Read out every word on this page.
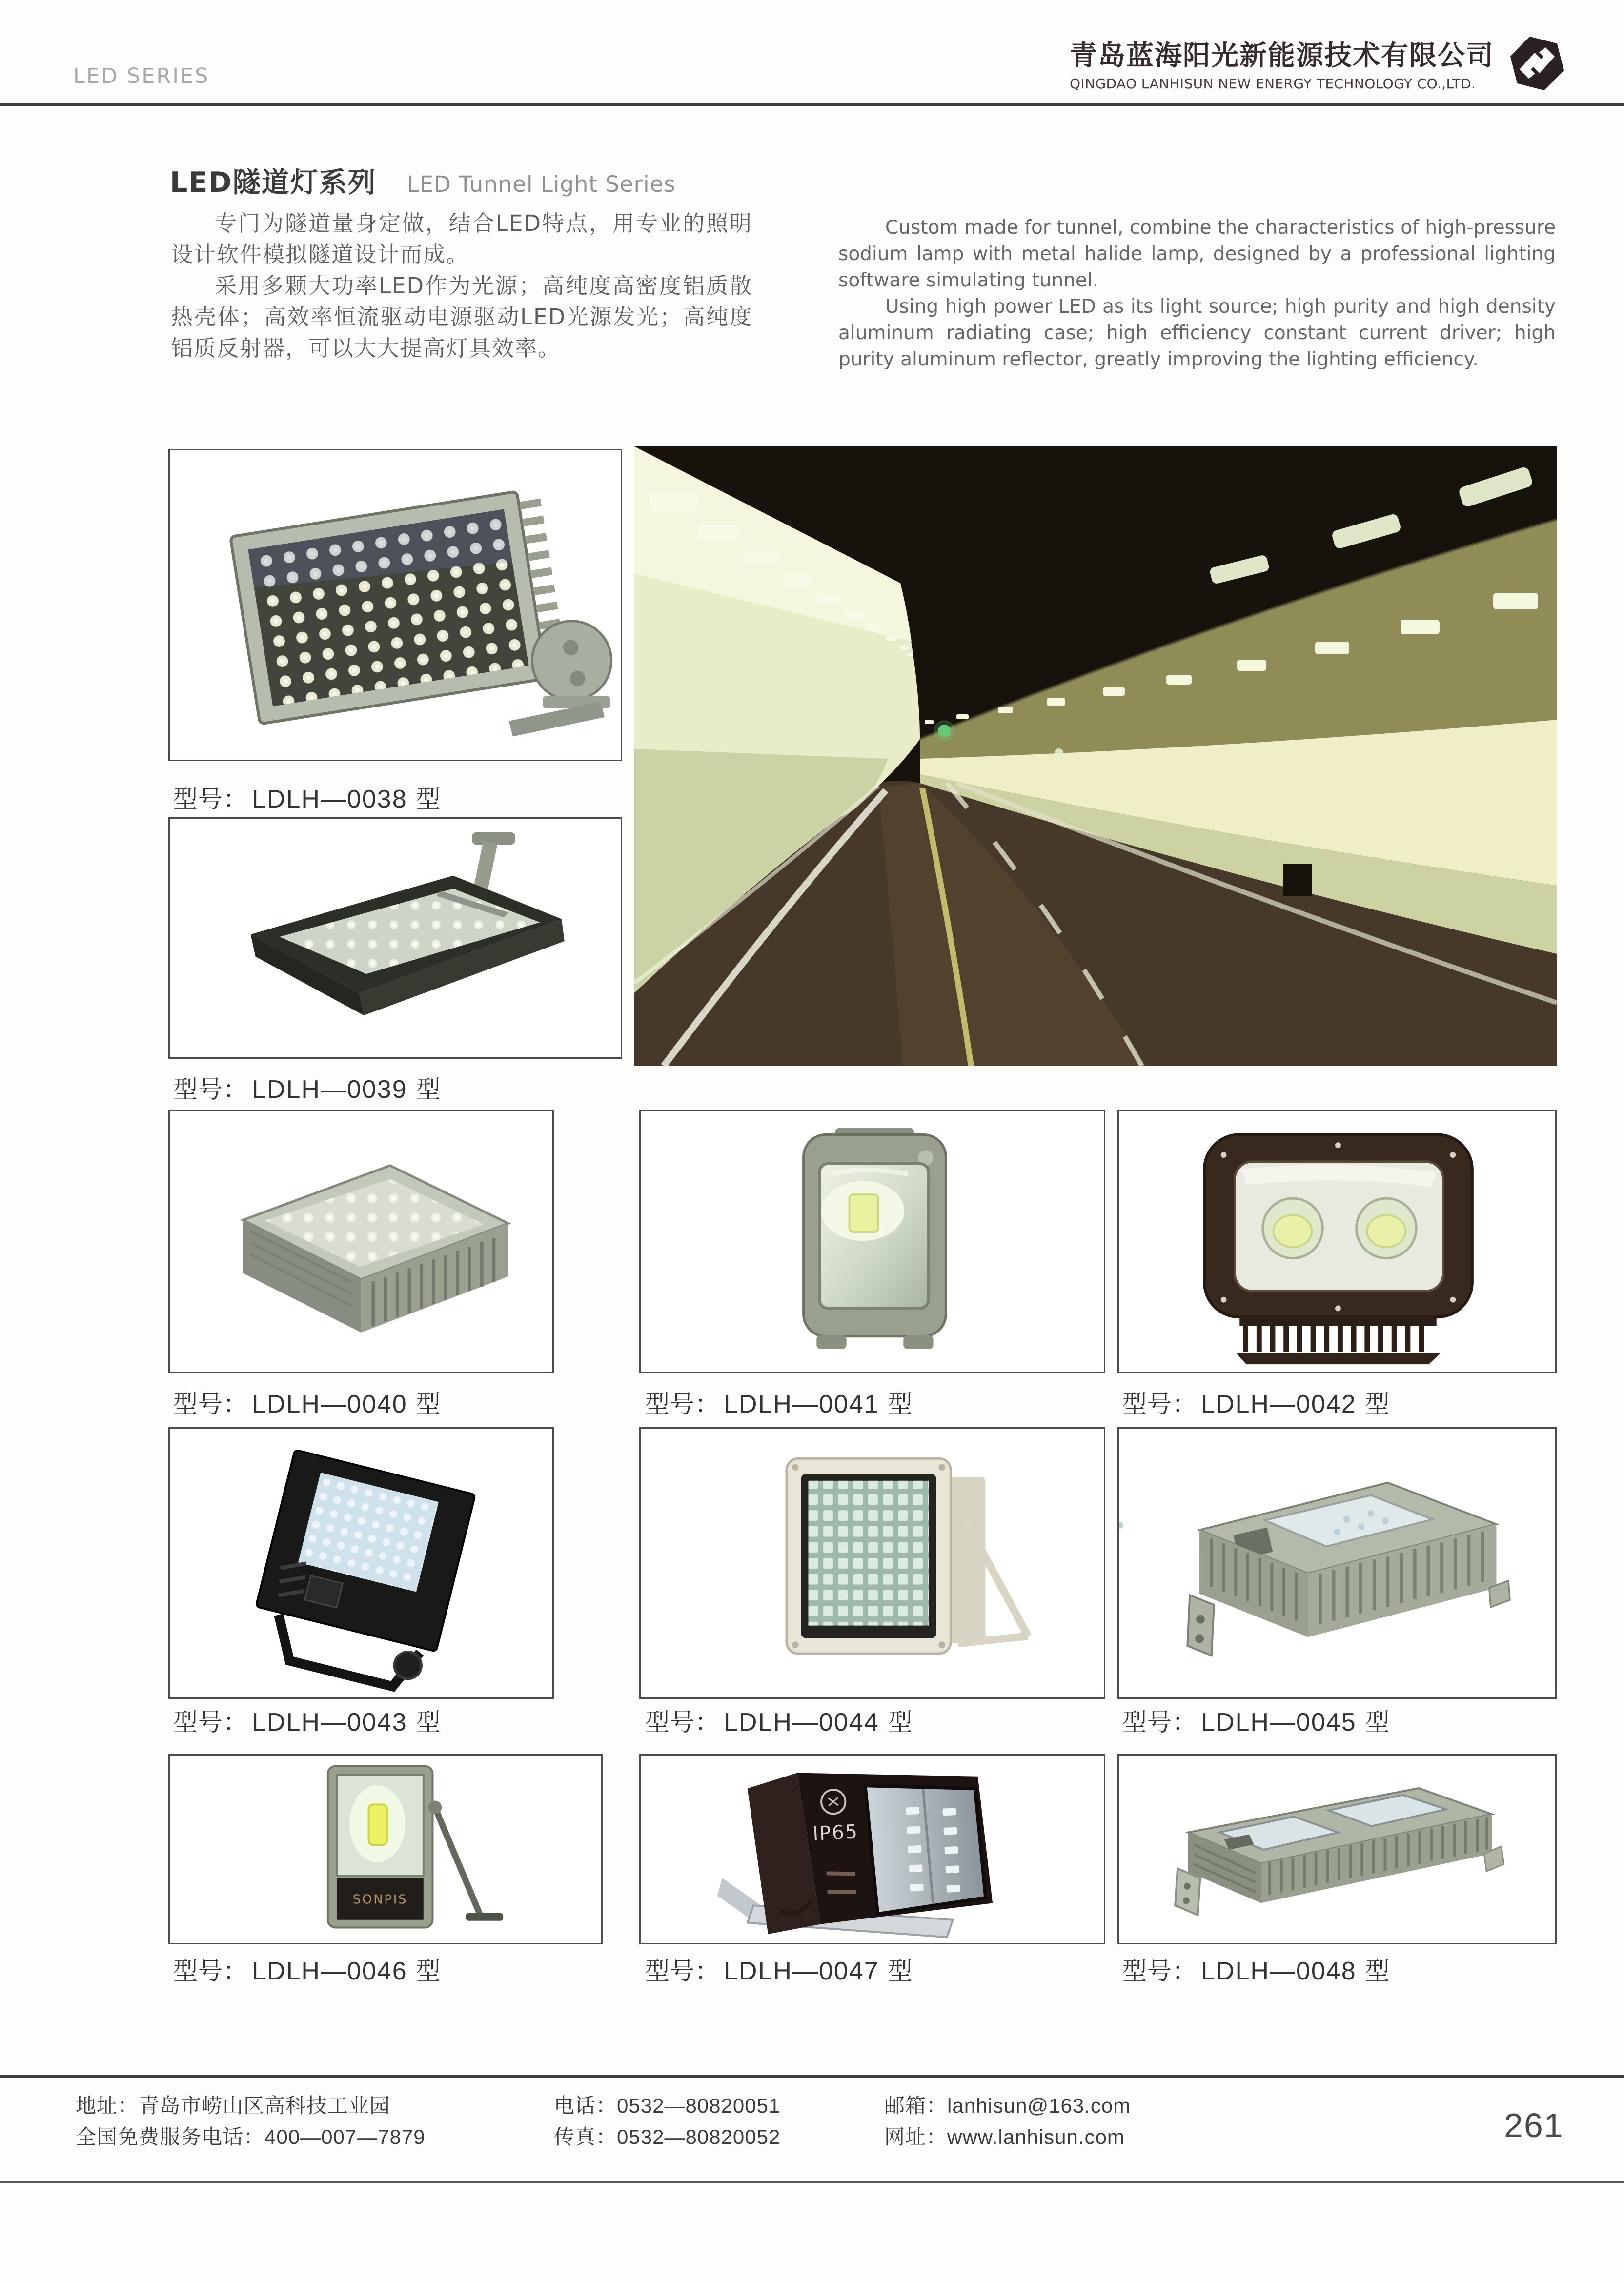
LED SERIES
青岛蓝海阳光新能源技术有限公司
QINGDAO LANHISUN NEW ENERGY TECHNOLOGY CO.,LTD.
LED隧道灯系列 LED Tunnel Light Series

专门为隧道量身定做，结合LED特点，用专业的照明设计软件模拟隧道设计而成。

采用多颗大功率LED作为光源；高纯度高密度铝质散热壳体；高效率恒流驱动电源驱动LED光源发光；高纯度铝质反射器，可以大大提高灯具效率。

Custom made for tunnel, combine the characteristics of high-pressure sodium lamp with metal halide lamp, designed by a professional lighting software simulating tunnel.

Using high power LED as its light source; high purity and high density aluminum radiating case; high efficiency constant current driver; high purity aluminum reflector, greatly improving the lighting efficiency.

型号： LDLH—0038 型
型号： LDLH—0039 型
型号： LDLH—0040 型	型号： LDLH—0041 型	型号： LDLH—0042 型
型号： LDLH—0043 型	型号： LDLH—0044 型	型号： LDLH—0045 型
SONPIS
型号： LDLH—0046 型
IP65
型号： LDLH—0047 型	型号： LDLH—0048 型
地址：青岛市崂山区高科技工业园
全国免费服务电话：400—007—7879
电话：0532—80820051
传真：0532—80820052
邮箱：lanhisun@163.com
网址：www.lanhisun.com	261
